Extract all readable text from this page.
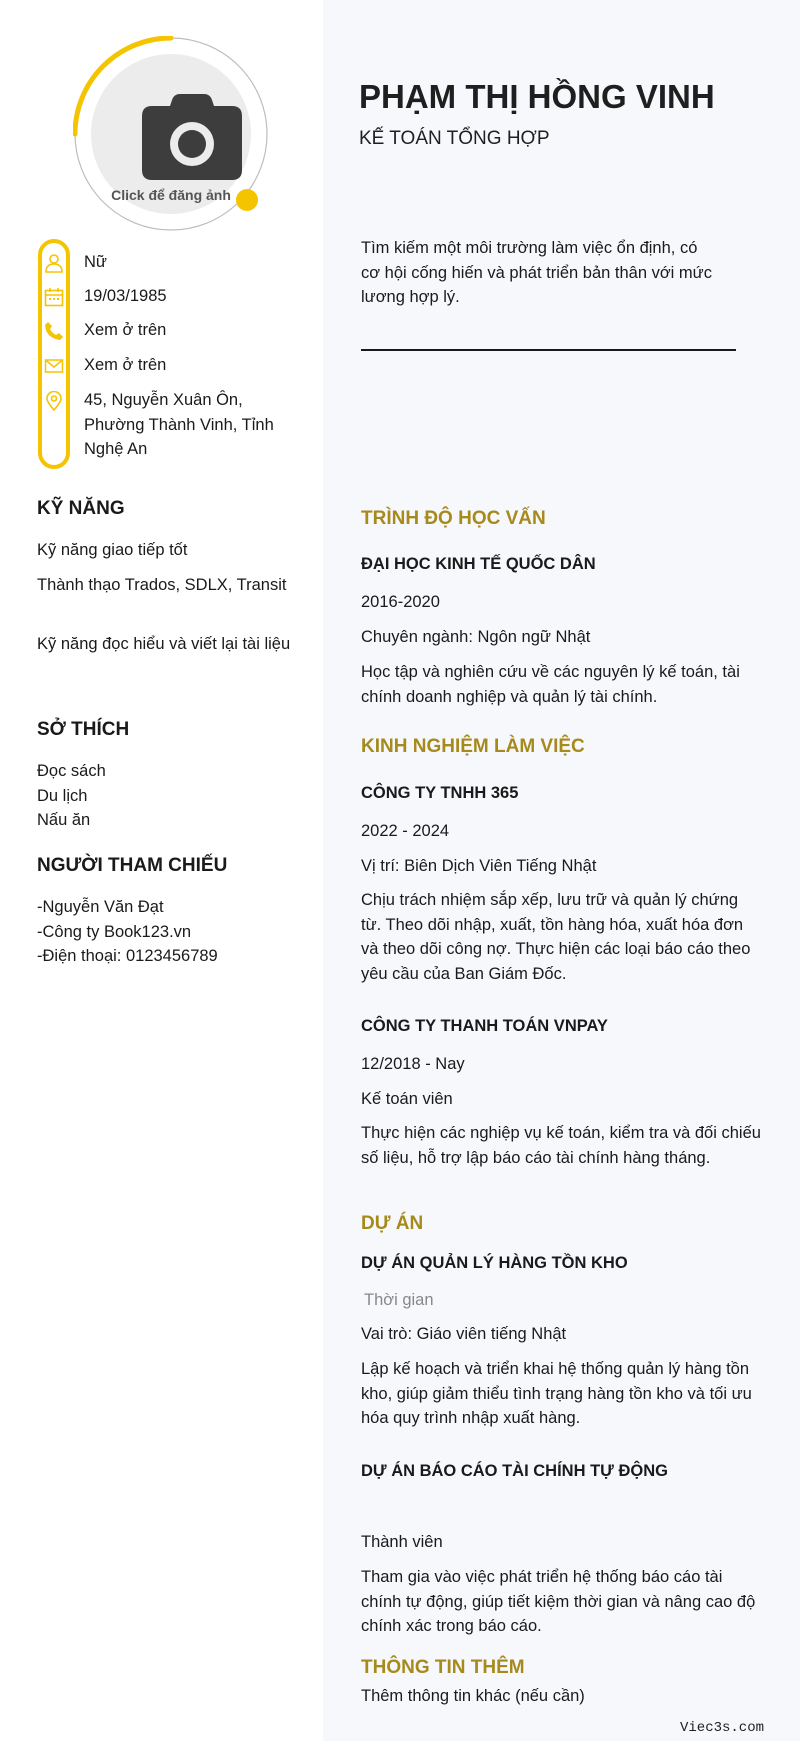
Click để đăng ảnh
Nữ
19/03/1985
Xem ở trên
Xem ở trên
45, Nguyễn Xuân Ôn, Phường Thành Vinh, Tỉnh Nghệ An
KỸ NĂNG
Kỹ năng giao tiếp tốt
Thành thạo Trados, SDLX, Transit
Kỹ năng đọc hiểu và viết lại tài liệu
SỞ THÍCH
Đọc sách
Du lịch
Nấu ăn
NGƯỜI THAM CHIẾU
-Nguyễn Văn Đạt
-Công ty Book123.vn
-Điện thoại: 0123456789
PHẠM THỊ HỒNG VINH
KẾ TOÁN TỔNG HỢP
Tìm kiếm một môi trường làm việc ổn định, có cơ hội cống hiến và phát triển bản thân với mức lương hợp lý.
TRÌNH ĐỘ HỌC VẤN
ĐẠI HỌC KINH TẾ QUỐC DÂN
2016-2020
Chuyên ngành: Ngôn ngữ Nhật
Học tập và nghiên cứu về các nguyên lý kế toán, tài chính doanh nghiệp và quản lý tài chính.
KINH NGHIỆM LÀM VIỆC
CÔNG TY TNHH 365
2022 - 2024
Vị trí: Biên Dịch Viên Tiếng Nhật
Chịu trách nhiệm sắp xếp, lưu trữ và quản lý chứng từ. Theo dõi nhập, xuất, tồn hàng hóa, xuất hóa đơn và theo dõi công nợ. Thực hiện các loại báo cáo theo yêu cầu của Ban Giám Đốc.
CÔNG TY THANH TOÁN VNPAY
12/2018 - Nay
Kế toán viên
Thực hiện các nghiệp vụ kế toán, kiểm tra và đối chiếu số liệu, hỗ trợ lập báo cáo tài chính hàng tháng.
DỰ ÁN
DỰ ÁN QUẢN LÝ HÀNG TỒN KHO
Thời gian
Vai trò: Giáo viên tiếng Nhật
Lập kế hoạch và triển khai hệ thống quản lý hàng tồn kho, giúp giảm thiểu tình trạng hàng tồn kho và tối ưu hóa quy trình nhập xuất hàng.
DỰ ÁN BÁO CÁO TÀI CHÍNH TỰ ĐỘNG
Thành viên
Tham gia vào việc phát triển hệ thống báo cáo tài chính tự động, giúp tiết kiệm thời gian và nâng cao độ chính xác trong báo cáo.
THÔNG TIN THÊM
Thêm thông tin khác (nếu cần)
Viec3s.com
